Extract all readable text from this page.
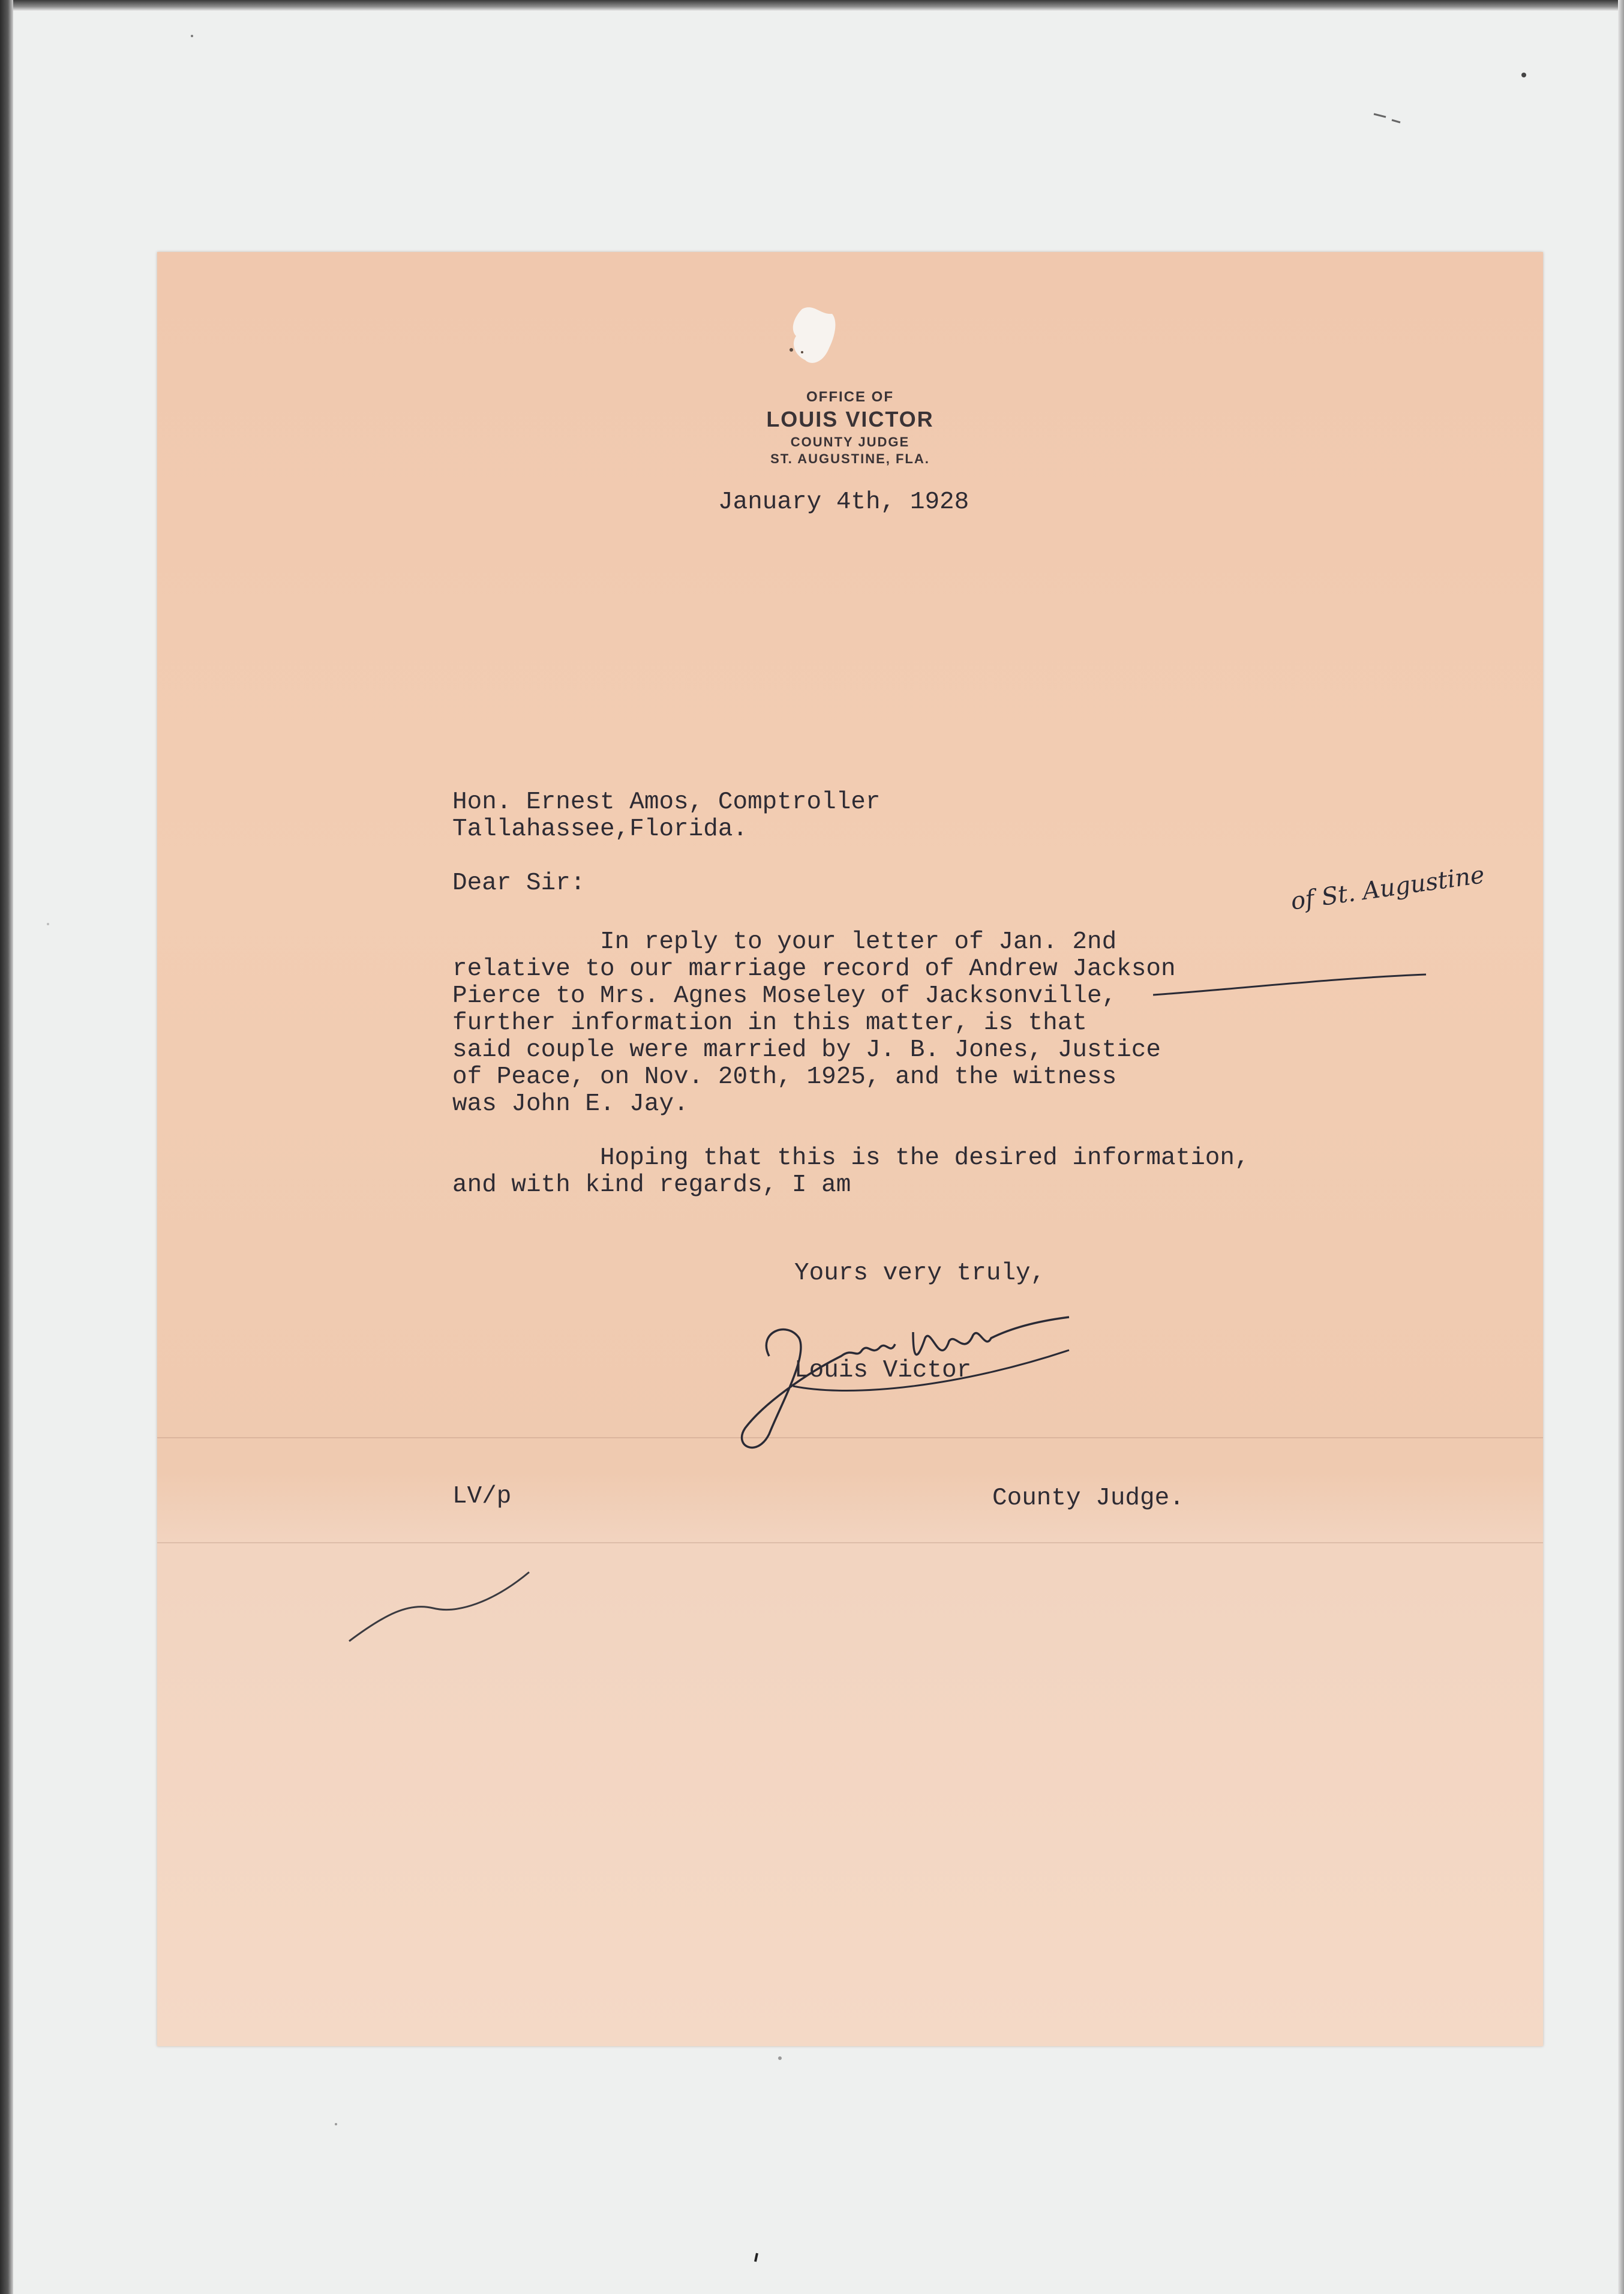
OFFICE OF
LOUIS VICTOR
COUNTY JUDGE
ST. AUGUSTINE, FLA.
January 4th, 1928
Hon. Ernest Amos, Comptroller
Tallahassee,Florida.
Dear Sir:
In reply to your letter of Jan. 2nd
relative to our marriage record of Andrew Jackson
Pierce to Mrs. Agnes Moseley of Jacksonville,
further information in this matter, is that
said couple were married by J. B. Jones, Justice
of Peace, on Nov. 20th, 1925, and the witness
was John E. Jay.
Hoping that this is the desired information,
and with kind regards, I am
of St. Augustine
Yours very truly,
Louis Victor
LV/p	County Judge.
